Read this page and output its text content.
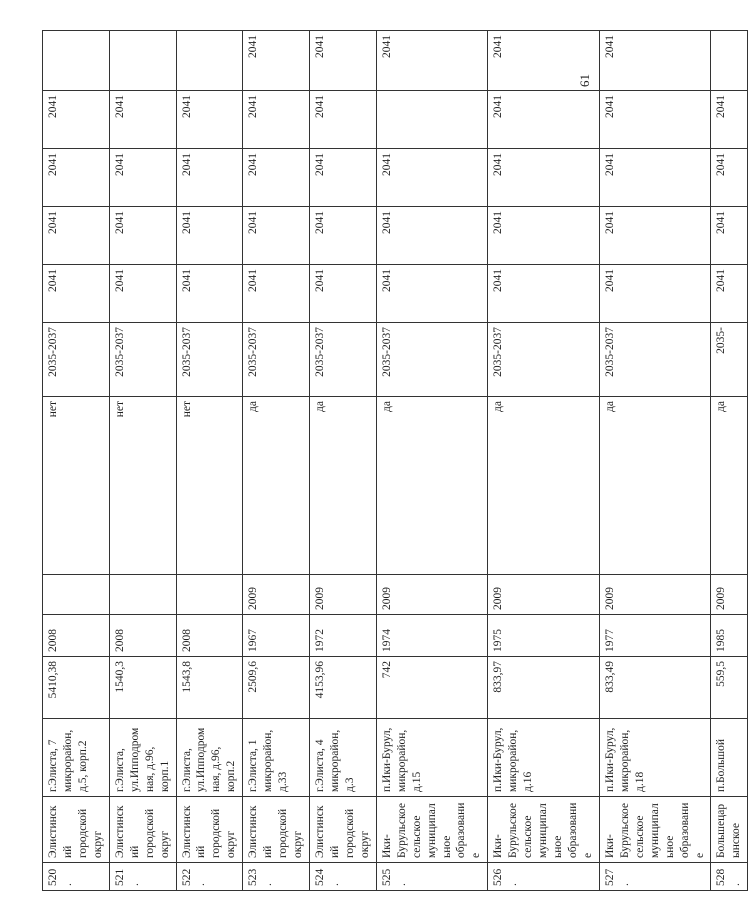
61
520.	Элистинский городской округ	г.Элиста, 7 микрорайон, д.5, корп.2	5410,38	2008		нет	2035-2037	2041	2041	2041	2041	
521.	Элистинский городской округ	г.Элиста, ул.Ипподромная, д.96, корп.1	1540,3	2008		нет	2035-2037	2041	2041	2041	2041	
522.	Элистинский городской округ	г.Элиста, ул.Ипподромная, д.96, корп.2	1543,8	2008		нет	2035-2037	2041	2041	2041	2041	
523.	Элистинский городской округ	г.Элиста, 1 микрорайон, д.33	2509,6	1967	2009	да	2035-2037	2041	2041	2041	2041	2041
524.	Элистинский городской округ	г.Элиста, 4 микрорайон, д.3	4153,96	1972	2009	да	2035-2037	2041	2041	2041	2041	2041
525.	Ики-Бурульское сельское муниципальное образование	п.Ики-Бурул, микрорайон, д.15	742	1974	2009	да	2035-2037	2041	2041	2041		2041
526.	Ики-Бурульское сельское муниципальное образование	п.Ики-Бурул, микрорайон, д.16	833,97	1975	2009	да	2035-2037	2041	2041	2041	2041	2041
527.	Ики-Бурульское сельское муниципальное образование	п.Ики-Бурул, микрорайон, д.18	833,49	1977	2009	да	2035-2037	2041	2041	2041	2041	2041
528.	Большецарынское	п.Большой	559,5	1985	2009	да	2035-	2041	2041	2041	2041	
